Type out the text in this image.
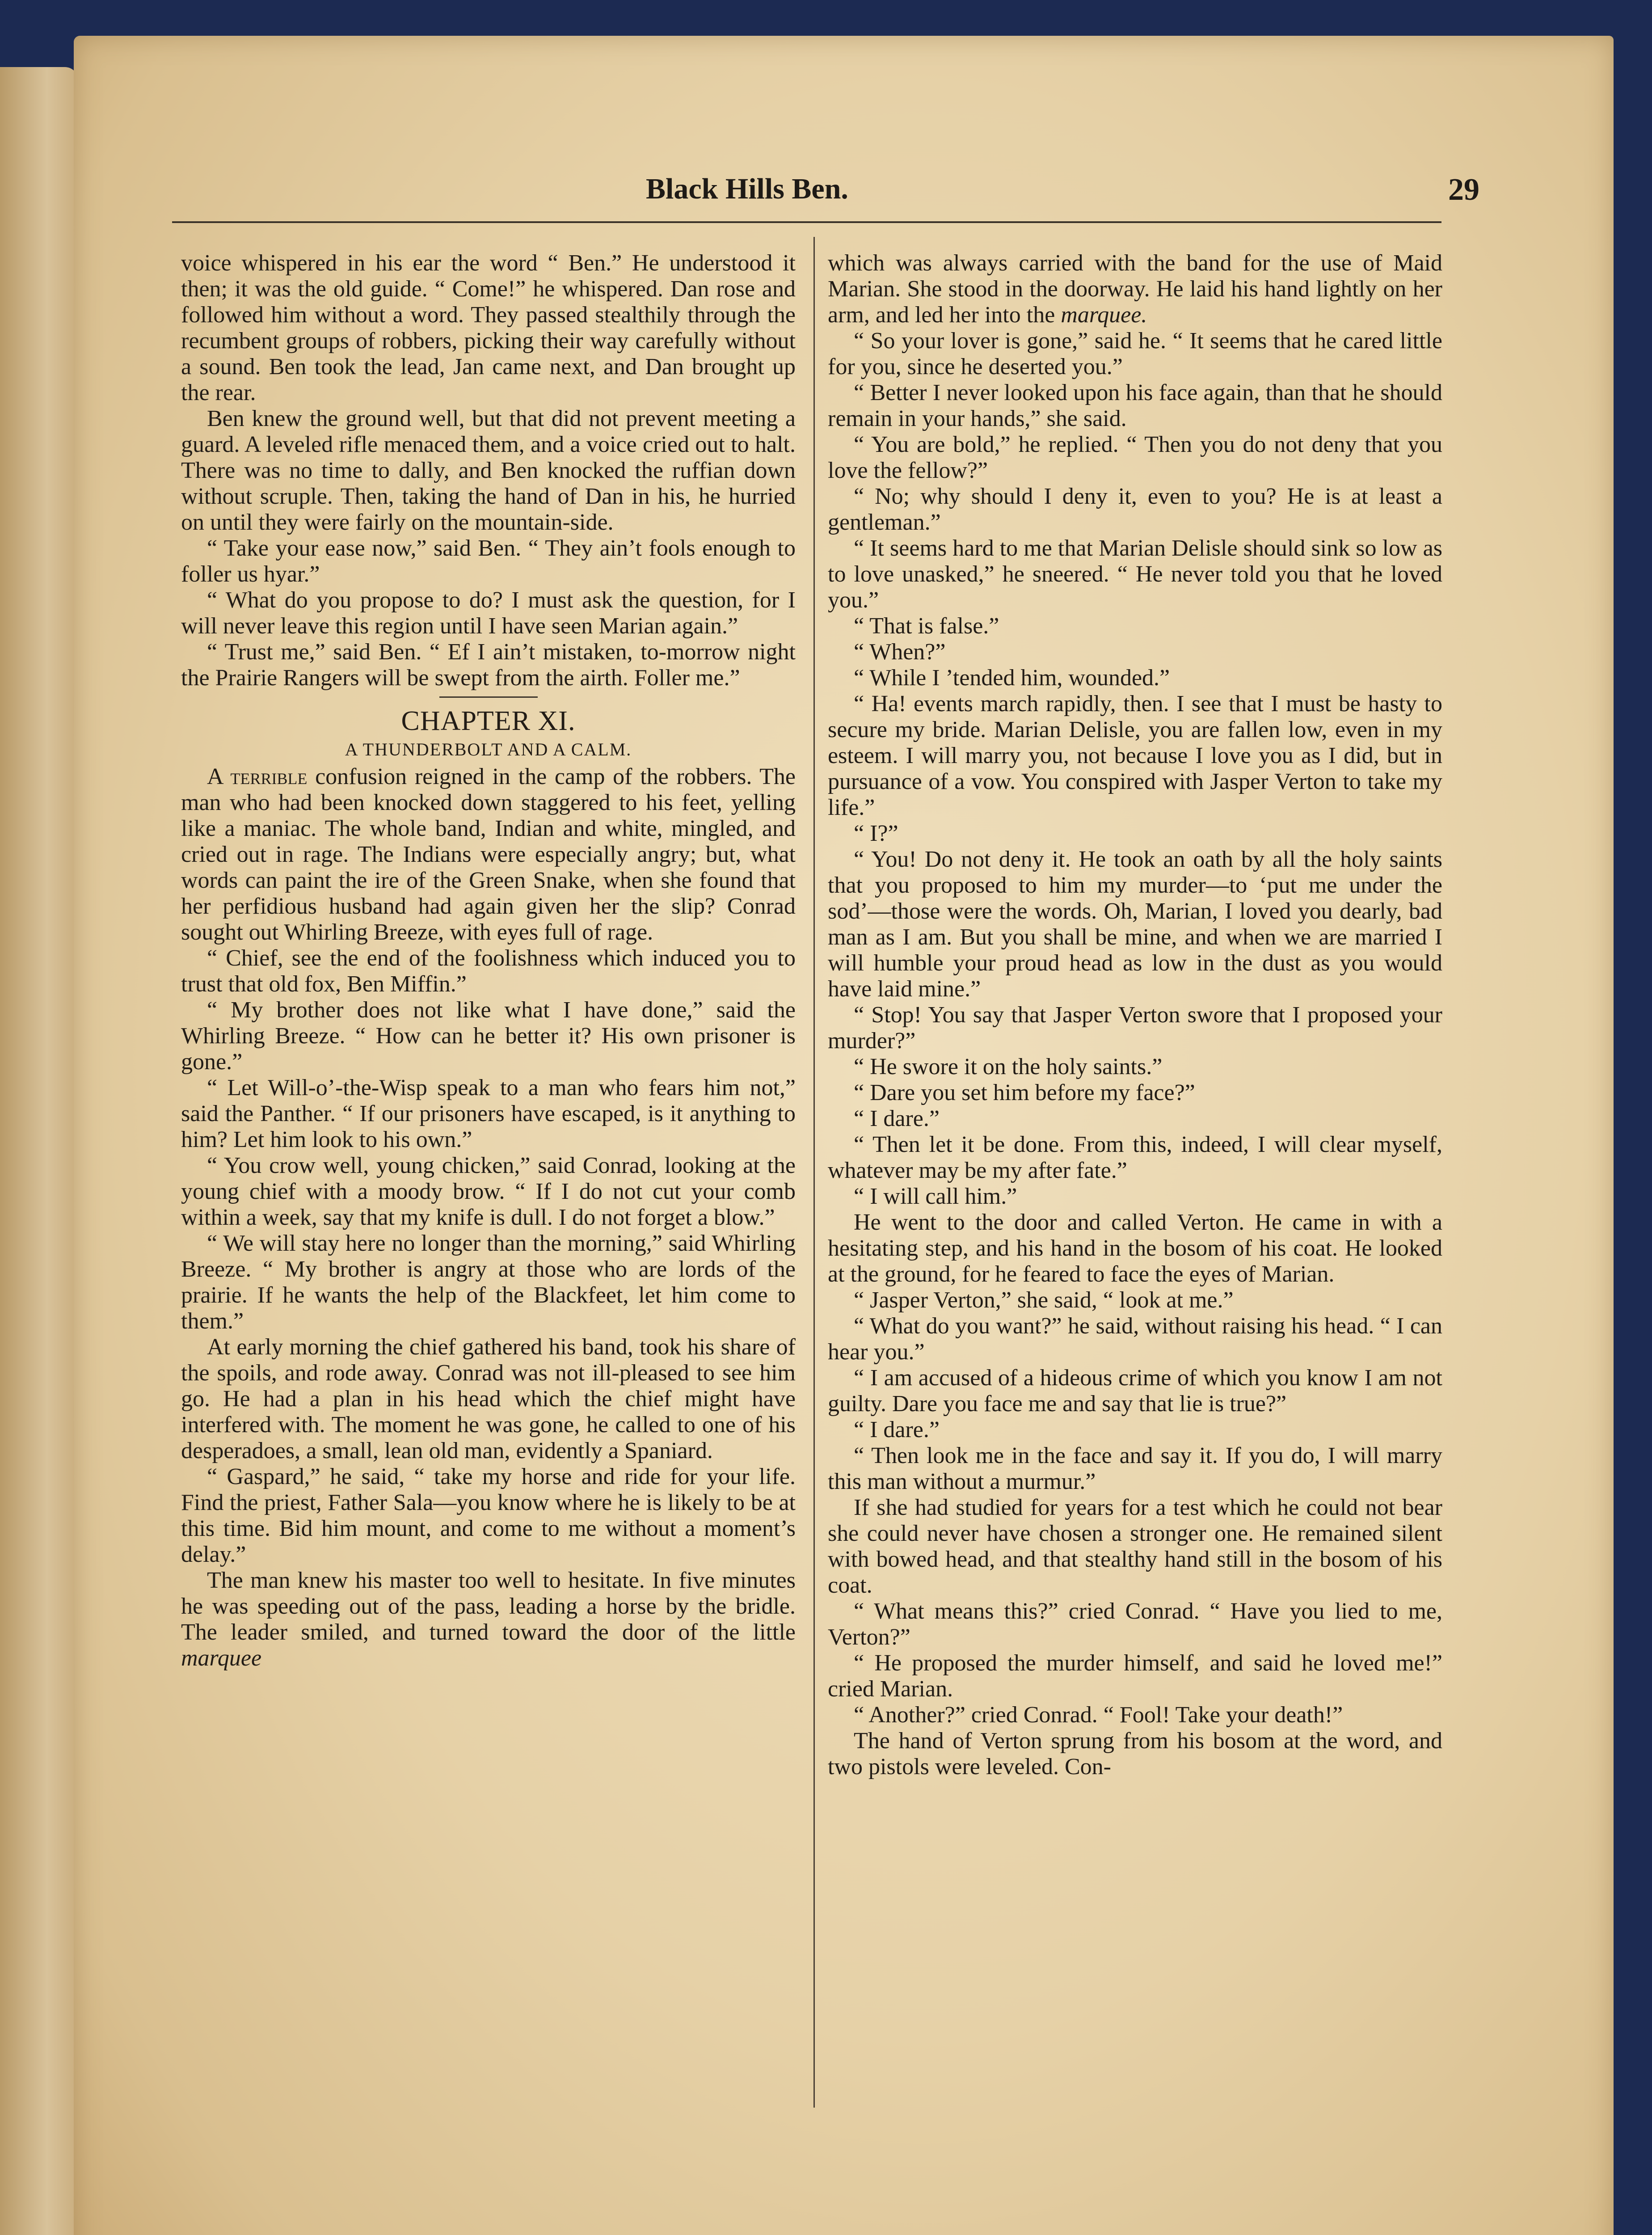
Black Hills Ben.	29

voice whispered in his ear the word “ Ben.” He understood it then; it was the old guide. “ Come!” he whispered. Dan rose and followed him without a word. They passed stealthily through the recumbent groups of robbers, picking their way carefully without a sound. Ben took the lead, Jan came next, and Dan brought up the rear.

Ben knew the ground well, but that did not prevent meeting a guard. A leveled rifle menaced them, and a voice cried out to halt. There was no time to dally, and Ben knocked the ruffian down without scruple. Then, taking the hand of Dan in his, he hurried on until they were fairly on the mountain-side.

“ Take your ease now,” said Ben. “ They ain’t fools enough to foller us hyar.”

“ What do you propose to do? I must ask the question, for I will never leave this region until I have seen Marian again.”

“ Trust me,” said Ben. “ Ef I ain’t mistaken, to-morrow night the Prairie Rangers will be swept from the airth. Foller me.”

CHAPTER XI.
A THUNDERBOLT AND A CALM.

A terrible confusion reigned in the camp of the robbers. The man who had been knocked down staggered to his feet, yelling like a maniac. The whole band, Indian and white, mingled, and cried out in rage. The Indians were especially angry; but, what words can paint the ire of the Green Snake, when she found that her perfidious husband had again given her the slip? Conrad sought out Whirling Breeze, with eyes full of rage.

“ Chief, see the end of the foolishness which induced you to trust that old fox, Ben Miffin.”

“ My brother does not like what I have done,” said the Whirling Breeze. “ How can he better it? His own prisoner is gone.”

“ Let Will-o’-the-Wisp speak to a man who fears him not,” said the Panther. “ If our prisoners have escaped, is it anything to him? Let him look to his own.”

“ You crow well, young chicken,” said Conrad, looking at the young chief with a moody brow. “ If I do not cut your comb within a week, say that my knife is dull. I do not forget a blow.”

“ We will stay here no longer than the morning,” said Whirling Breeze. “ My brother is angry at those who are lords of the prairie. If he wants the help of the Blackfeet, let him come to them.”

At early morning the chief gathered his band, took his share of the spoils, and rode away. Conrad was not ill-pleased to see him go. He had a plan in his head which the chief might have interfered with. The moment he was gone, he called to one of his desperadoes, a small, lean old man, evidently a Spaniard.

“ Gaspard,” he said, “ take my horse and ride for your life. Find the priest, Father Sala—you know where he is likely to be at this time. Bid him mount, and come to me without a moment’s delay.”

The man knew his master too well to hesitate. In five minutes he was speeding out of the pass, leading a horse by the bridle. The leader smiled, and turned toward the door of the little marquee

which was always carried with the band for the use of Maid Marian. She stood in the doorway. He laid his hand lightly on her arm, and led her into the marquee.

“ So your lover is gone,” said he. “ It seems that he cared little for you, since he deserted you.”

“ Better I never looked upon his face again, than that he should remain in your hands,” she said.

“ You are bold,” he replied. “ Then you do not deny that you love the fellow?”

“ No; why should I deny it, even to you? He is at least a gentleman.”

“ It seems hard to me that Marian Delisle should sink so low as to love unasked,” he sneered. “ He never told you that he loved you.”

“ That is false.”

“ When?”

“ While I ’tended him, wounded.”

“ Ha! events march rapidly, then. I see that I must be hasty to secure my bride. Marian Delisle, you are fallen low, even in my esteem. I will marry you, not because I love you as I did, but in pursuance of a vow. You conspired with Jasper Verton to take my life.”

“ I?”

“ You! Do not deny it. He took an oath by all the holy saints that you proposed to him my murder—to ‘put me under the sod’—those were the words. Oh, Marian, I loved you dearly, bad man as I am. But you shall be mine, and when we are married I will humble your proud head as low in the dust as you would have laid mine.”

“ Stop! You say that Jasper Verton swore that I proposed your murder?”

“ He swore it on the holy saints.”

“ Dare you set him before my face?”

“ I dare.”

“ Then let it be done. From this, indeed, I will clear myself, whatever may be my after fate.”

“ I will call him.”

He went to the door and called Verton. He came in with a hesitating step, and his hand in the bosom of his coat. He looked at the ground, for he feared to face the eyes of Marian.

“ Jasper Verton,” she said, “ look at me.”

“ What do you want?” he said, without raising his head. “ I can hear you.”

“ I am accused of a hideous crime of which you know I am not guilty. Dare you face me and say that lie is true?”

“ I dare.”

“ Then look me in the face and say it. If you do, I will marry this man without a murmur.”

If she had studied for years for a test which he could not bear she could never have chosen a stronger one. He remained silent with bowed head, and that stealthy hand still in the bosom of his coat.

“ What means this?” cried Conrad. “ Have you lied to me, Verton?”

“ He proposed the murder himself, and said he loved me!” cried Marian.

“ Another?” cried Conrad. “ Fool! Take your death!”

The hand of Verton sprung from his bosom at the word, and two pistols were leveled. Con-
